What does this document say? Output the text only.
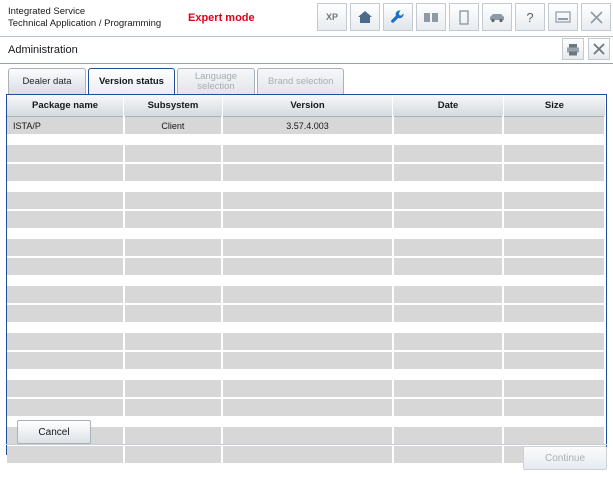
Integrated Service
Technical Application / Programming	Expert mode	XP	?
Administration
Dealer data	Version status	Language
selection	Brand selection
Package name	Subsystem	Version	Date	Size
ISTA/P	Client	3.57.4.003		

Cancel
Continue
